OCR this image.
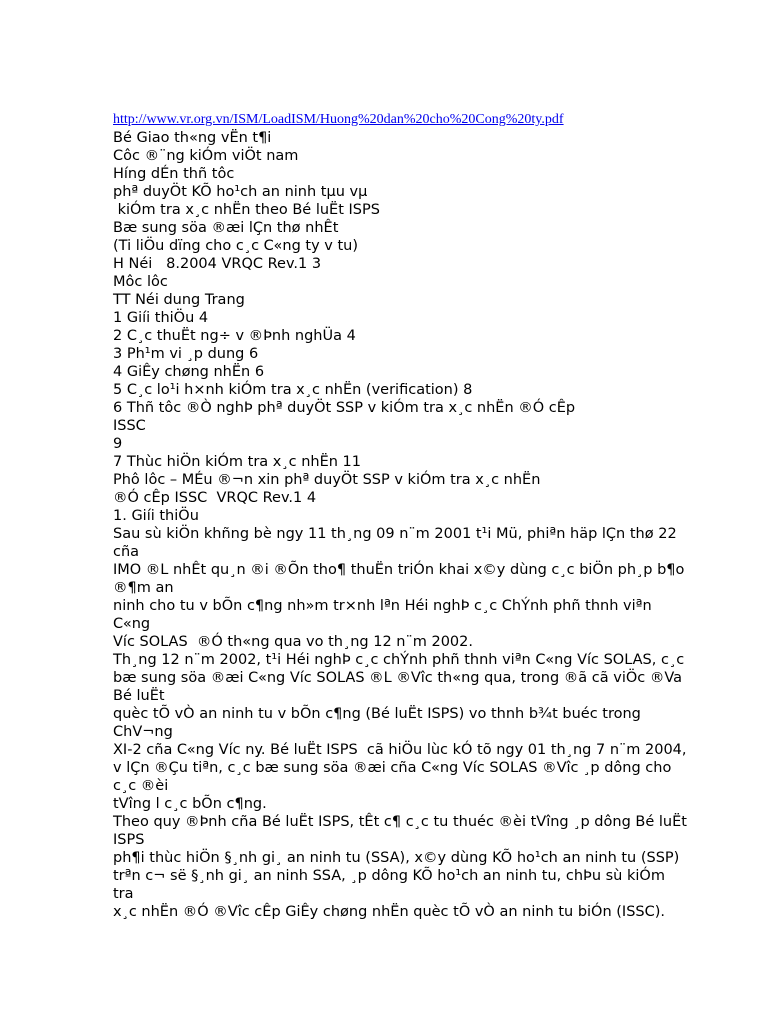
http://www.vr.org.vn/ISM/LoadISM/Huong%20dan%20cho%20Cong%20ty.pdf
Bé Giao th«ng vËn t¶i
Côc ®¨ng kiÓm viÖt nam
Híng dÉn thñ tôc
phª duyÖt KÕ ho¹ch an ninh tµu vµ
kiÓm tra x¸c nhËn theo Bé luËt ISPS
Bæ sung söa ®æi lÇn thø nhÊt
(Ti liÖu dïng cho c¸c C«ng ty v tu)
H Néi   8.2004 VRQC Rev.1 3
Môc lôc
TT Néi dung Trang
1 Giíi thiÖu 4
2 C¸c thuËt ng÷ v ®Þnh nghÜa 4
3 Ph¹m vi ¸p dung 6
4 GiÊy chøng nhËn 6
5 C¸c lo¹i h×nh kiÓm tra x¸c nhËn (verification) 8
6 Thñ tôc ®Ò nghÞ phª duyÖt SSP v kiÓm tra x¸c nhËn ®Ó cÊp
ISSC
9
7 Thùc hiÖn kiÓm tra x¸c nhËn 11
Phô lôc – MÉu ®¬n xin phª duyÖt SSP v kiÓm tra x¸c nhËn
®Ó cÊp ISSC  VRQC Rev.1 4
1. Giíi thiÖu
Sau sù kiÖn khñng bè ngy 11 th¸ng 09 n¨m 2001 t¹i Mü, phiªn häp lÇn thø 22
cña
IMO ®L nhÊt qu¸n ®i ®Õn tho¶ thuËn triÓn khai x©y dùng c¸c biÖn ph¸p b¶o
®¶m an
ninh cho tu v bÕn c¶ng nh»m tr×nh lªn Héi nghÞ c¸c ChÝnh phñ thnh viªn
C«ng
Víc SOLAS  ®Ó th«ng qua vo th¸ng 12 n¨m 2002.
Th¸ng 12 n¨m 2002, t¹i Héi nghÞ c¸c chÝnh phñ thnh viªn C«ng Víc SOLAS, c¸c
bæ sung söa ®æi C«ng Víc SOLAS ®L ®Vîc th«ng qua, trong ®ã cã viÖc ®Va
Bé luËt
quèc tÕ vÒ an ninh tu v bÕn c¶ng (Bé luËt ISPS) vo thnh b¾t buéc trong
ChV¬ng
XI-2 cña C«ng Víc ny. Bé luËt ISPS  cã hiÖu lùc kÓ tõ ngy 01 th¸ng 7 n¨m 2004,
v lÇn ®Çu tiªn, c¸c bæ sung söa ®æi cña C«ng Víc SOLAS ®Vîc ¸p dông cho
c¸c ®èi
tVîng l c¸c bÕn c¶ng.
Theo quy ®Þnh cña Bé luËt ISPS, tÊt c¶ c¸c tu thuéc ®èi tVîng ¸p dông Bé luËt
ISPS
ph¶i thùc hiÖn §¸nh gi¸ an ninh tu (SSA), x©y dùng KÕ ho¹ch an ninh tu (SSP)
trªn c¬ së §¸nh gi¸ an ninh SSA, ¸p dông KÕ ho¹ch an ninh tu, chÞu sù kiÓm
tra
x¸c nhËn ®Ó ®Vîc cÊp GiÊy chøng nhËn quèc tÕ vÒ an ninh tu biÓn (ISSC).
